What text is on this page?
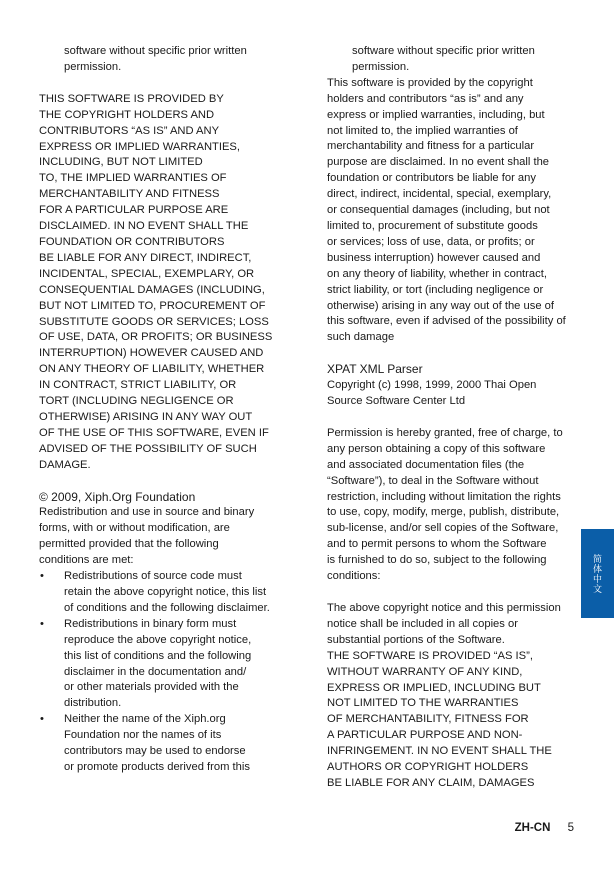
software without specific prior written
permission.
THIS SOFTWARE IS PROVIDED BY
THE COPYRIGHT HOLDERS AND
CONTRIBUTORS “AS IS” AND ANY
EXPRESS OR IMPLIED WARRANTIES,
INCLUDING, BUT NOT LIMITED
TO, THE IMPLIED WARRANTIES OF
MERCHANTABILITY AND FITNESS
FOR A PARTICULAR PURPOSE ARE
DISCLAIMED. IN NO EVENT SHALL THE
FOUNDATION OR CONTRIBUTORS
BE LIABLE FOR ANY DIRECT, INDIRECT,
INCIDENTAL, SPECIAL, EXEMPLARY, OR
CONSEQUENTIAL DAMAGES (INCLUDING,
BUT NOT LIMITED TO, PROCUREMENT OF
SUBSTITUTE GOODS OR SERVICES; LOSS
OF USE, DATA, OR PROFITS; OR BUSINESS
INTERRUPTION) HOWEVER CAUSED AND
ON ANY THEORY OF LIABILITY, WHETHER
IN CONTRACT, STRICT LIABILITY, OR
TORT (INCLUDING NEGLIGENCE OR
OTHERWISE) ARISING IN ANY WAY OUT
OF THE USE OF THIS SOFTWARE, EVEN IF
ADVISED OF THE POSSIBILITY OF SUCH
DAMAGE.
© 2009, Xiph.Org Foundation
Redistribution and use in source and binary
forms, with or without modification, are
permitted provided that the following
conditions are met:
• Redistributions of source code must
retain the above copyright notice, this list
of conditions and the following disclaimer.
• Redistributions in binary form must
reproduce the above copyright notice,
this list of conditions and the following
disclaimer in the documentation and/
or other materials provided with the
distribution.
• Neither the name of the Xiph.org
Foundation nor the names of its
contributors may be used to endorse
or promote products derived from this
software without specific prior written
permission.
This software is provided by the copyright
holders and contributors “as is” and any
express or implied warranties, including, but
not limited to, the implied warranties of
merchantability and fitness for a particular
purpose are disclaimed. In no event shall the
foundation or contributors be liable for any
direct, indirect, incidental, special, exemplary,
or consequential damages (including, but not
limited to, procurement of substitute goods
or services; loss of use, data, or profits; or
business interruption) however caused and
on any theory of liability, whether in contract,
strict liability, or tort (including negligence or
otherwise) arising in any way out of the use of
this software, even if advised of the possibility of
such damage
XPAT XML Parser
Copyright (c) 1998, 1999, 2000 Thai Open
Source Software Center Ltd
Permission is hereby granted, free of charge, to
any person obtaining a copy of this software
and associated documentation files (the
“Software”), to deal in the Software without
restriction, including without limitation the rights
to use, copy, modify, merge, publish, distribute,
sub-license, and/or sell copies of the Software,
and to permit persons to whom the Software
is furnished to do so, subject to the following
conditions:
The above copyright notice and this permission
notice shall be included in all copies or
substantial portions of the Software.
THE SOFTWARE IS PROVIDED “AS IS”,
WITHOUT WARRANTY OF ANY KIND,
EXPRESS OR IMPLIED, INCLUDING BUT
NOT LIMITED TO THE WARRANTIES
OF MERCHANTABILITY, FITNESS FOR
A PARTICULAR PURPOSE AND NON-
INFRINGEMENT. IN NO EVENT SHALL THE
AUTHORS OR COPYRIGHT HOLDERS
BE LIABLE FOR ANY CLAIM, DAMAGES
简体中文
ZH-CN 5
